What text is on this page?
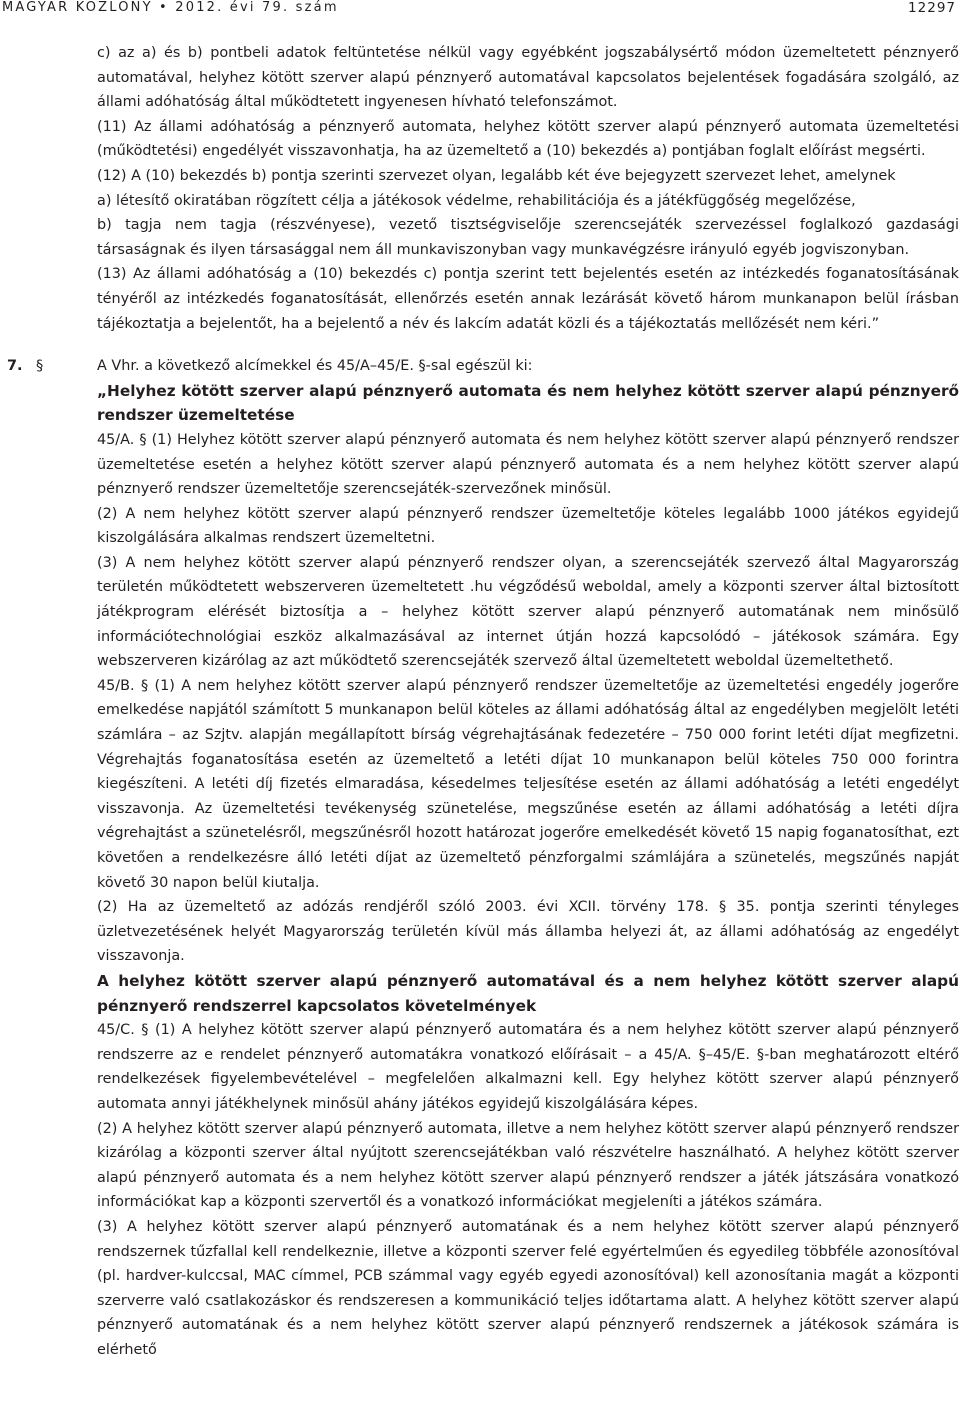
MAGYAR KÖZLÖNY • 2012. évi 79. szám	12297

c) az a) és b) pontbeli adatok feltüntetése nélkül vagy egyébként jogszabálysértő módon üzemeltetett pénznyerő automatával, helyhez kötött szerver alapú pénznyerő automatával kapcsolatos bejelentések fogadására szolgáló, az állami adóhatóság által működtetett ingyenesen hívható telefonszámot.

(11) Az állami adóhatóság a pénznyerő automata, helyhez kötött szerver alapú pénznyerő automata üzemeltetési (működtetési) engedélyét visszavonhatja, ha az üzemeltető a (10) bekezdés a) pontjában foglalt előírást megsérti.

(12) A (10) bekezdés b) pontja szerinti szervezet olyan, legalább két éve bejegyzett szervezet lehet, amelynek

a) létesítő okiratában rögzített célja a játékosok védelme, rehabilitációja és a játékfüggőség megelőzése,

b) tagja nem tagja (részvényese), vezető tisztségviselője szerencsejáték szervezéssel foglalkozó gazdasági társaságnak és ilyen társasággal nem áll munkaviszonyban vagy munkavégzésre irányuló egyéb jogviszonyban.

(13) Az állami adóhatóság a (10) bekezdés c) pontja szerint tett bejelentés esetén az intézkedés foganatosításának tényéről az intézkedés foganatosítását, ellenőrzés esetén annak lezárását követő három munkanapon belül írásban tájékoztatja a bejelentőt, ha a bejelentő a név és lakcím adatát közli és a tájékoztatás mellőzését nem kéri.”

7. §	A Vhr. a következő alcímekkel és 45/A–45/E. §-sal egészül ki:

„Helyhez kötött szerver alapú pénznyerő automata és nem helyhez kötött szerver alapú pénznyerő rendszer üzemeltetése

45/A. § (1) Helyhez kötött szerver alapú pénznyerő automata és nem helyhez kötött szerver alapú pénznyerő rendszer üzemeltetése esetén a helyhez kötött szerver alapú pénznyerő automata és a nem helyhez kötött szerver alapú pénznyerő rendszer üzemeltetője szerencsejáték-szervezőnek minősül.

(2) A nem helyhez kötött szerver alapú pénznyerő rendszer üzemeltetője köteles legalább 1000 játékos egyidejű kiszolgálására alkalmas rendszert üzemeltetni.

(3) A nem helyhez kötött szerver alapú pénznyerő rendszer olyan, a szerencsejáték szervező által Magyarország területén működtetett webszerveren üzemeltetett .hu végződésű weboldal, amely a központi szerver által biztosított játékprogram elérését biztosítja a – helyhez kötött szerver alapú pénznyerő automatának nem minősülő információtechnológiai eszköz alkalmazásával az internet útján hozzá kapcsolódó – játékosok számára. Egy webszerveren kizárólag az azt működtető szerencsejáték szervező által üzemeltetett weboldal üzemeltethető.

45/B. § (1) A nem helyhez kötött szerver alapú pénznyerő rendszer üzemeltetője az üzemeltetési engedély jogerőre emelkedése napjától számított 5 munkanapon belül köteles az állami adóhatóság által az engedélyben megjelölt letéti számlára – az Szjtv. alapján megállapított bírság végrehajtásának fedezetére – 750 000 forint letéti díjat megfizetni. Végrehajtás foganatosítása esetén az üzemeltető a letéti díjat 10 munkanapon belül köteles 750 000 forintra kiegészíteni. A letéti díj fizetés elmaradása, késedelmes teljesítése esetén az állami adóhatóság a letéti engedélyt visszavonja. Az üzemeltetési tevékenység szünetelése, megszűnése esetén az állami adóhatóság a letéti díjra végrehajtást a szünetelésről, megszűnésről hozott határozat jogerőre emelkedését követő 15 napig foganatosíthat, ezt követően a rendelkezésre álló letéti díjat az üzemeltető pénzforgalmi számlájára a szünetelés, megszűnés napját követő 30 napon belül kiutalja.

(2) Ha az üzemeltető az adózás rendjéről szóló 2003. évi XCII. törvény 178. § 35. pontja szerinti tényleges üzletvezetésének helyét Magyarország területén kívül más államba helyezi át, az állami adóhatóság az engedélyt visszavonja.

A helyhez kötött szerver alapú pénznyerő automatával és a nem helyhez kötött szerver alapú pénznyerő rendszerrel kapcsolatos követelmények

45/C. § (1) A helyhez kötött szerver alapú pénznyerő automatára és a nem helyhez kötött szerver alapú pénznyerő rendszerre az e rendelet pénznyerő automatákra vonatkozó előírásait – a 45/A. §–45/E. §-ban meghatározott eltérő rendelkezések figyelembevételével – megfelelően alkalmazni kell. Egy helyhez kötött szerver alapú pénznyerő automata annyi játékhelynek minősül ahány játékos egyidejű kiszolgálására képes.

(2) A helyhez kötött szerver alapú pénznyerő automata, illetve a nem helyhez kötött szerver alapú pénznyerő rendszer kizárólag a központi szerver által nyújtott szerencsejátékban való részvételre használható. A helyhez kötött szerver alapú pénznyerő automata és a nem helyhez kötött szerver alapú pénznyerő rendszer a játék játszására vonatkozó információkat kap a központi szervertől és a vonatkozó információkat megjeleníti a játékos számára.

(3) A helyhez kötött szerver alapú pénznyerő automatának és a nem helyhez kötött szerver alapú pénznyerő rendszernek tűzfallal kell rendelkeznie, illetve a központi szerver felé egyértelműen és egyedileg többféle azonosítóval (pl. hardver-kulccsal, MAC címmel, PCB számmal vagy egyéb egyedi azonosítóval) kell azonosítania magát a központi szerverre való csatlakozáskor és rendszeresen a kommunikáció teljes időtartama alatt. A helyhez kötött szerver alapú pénznyerő automatának és a nem helyhez kötött szerver alapú pénznyerő rendszernek a játékosok számára is elérhető
